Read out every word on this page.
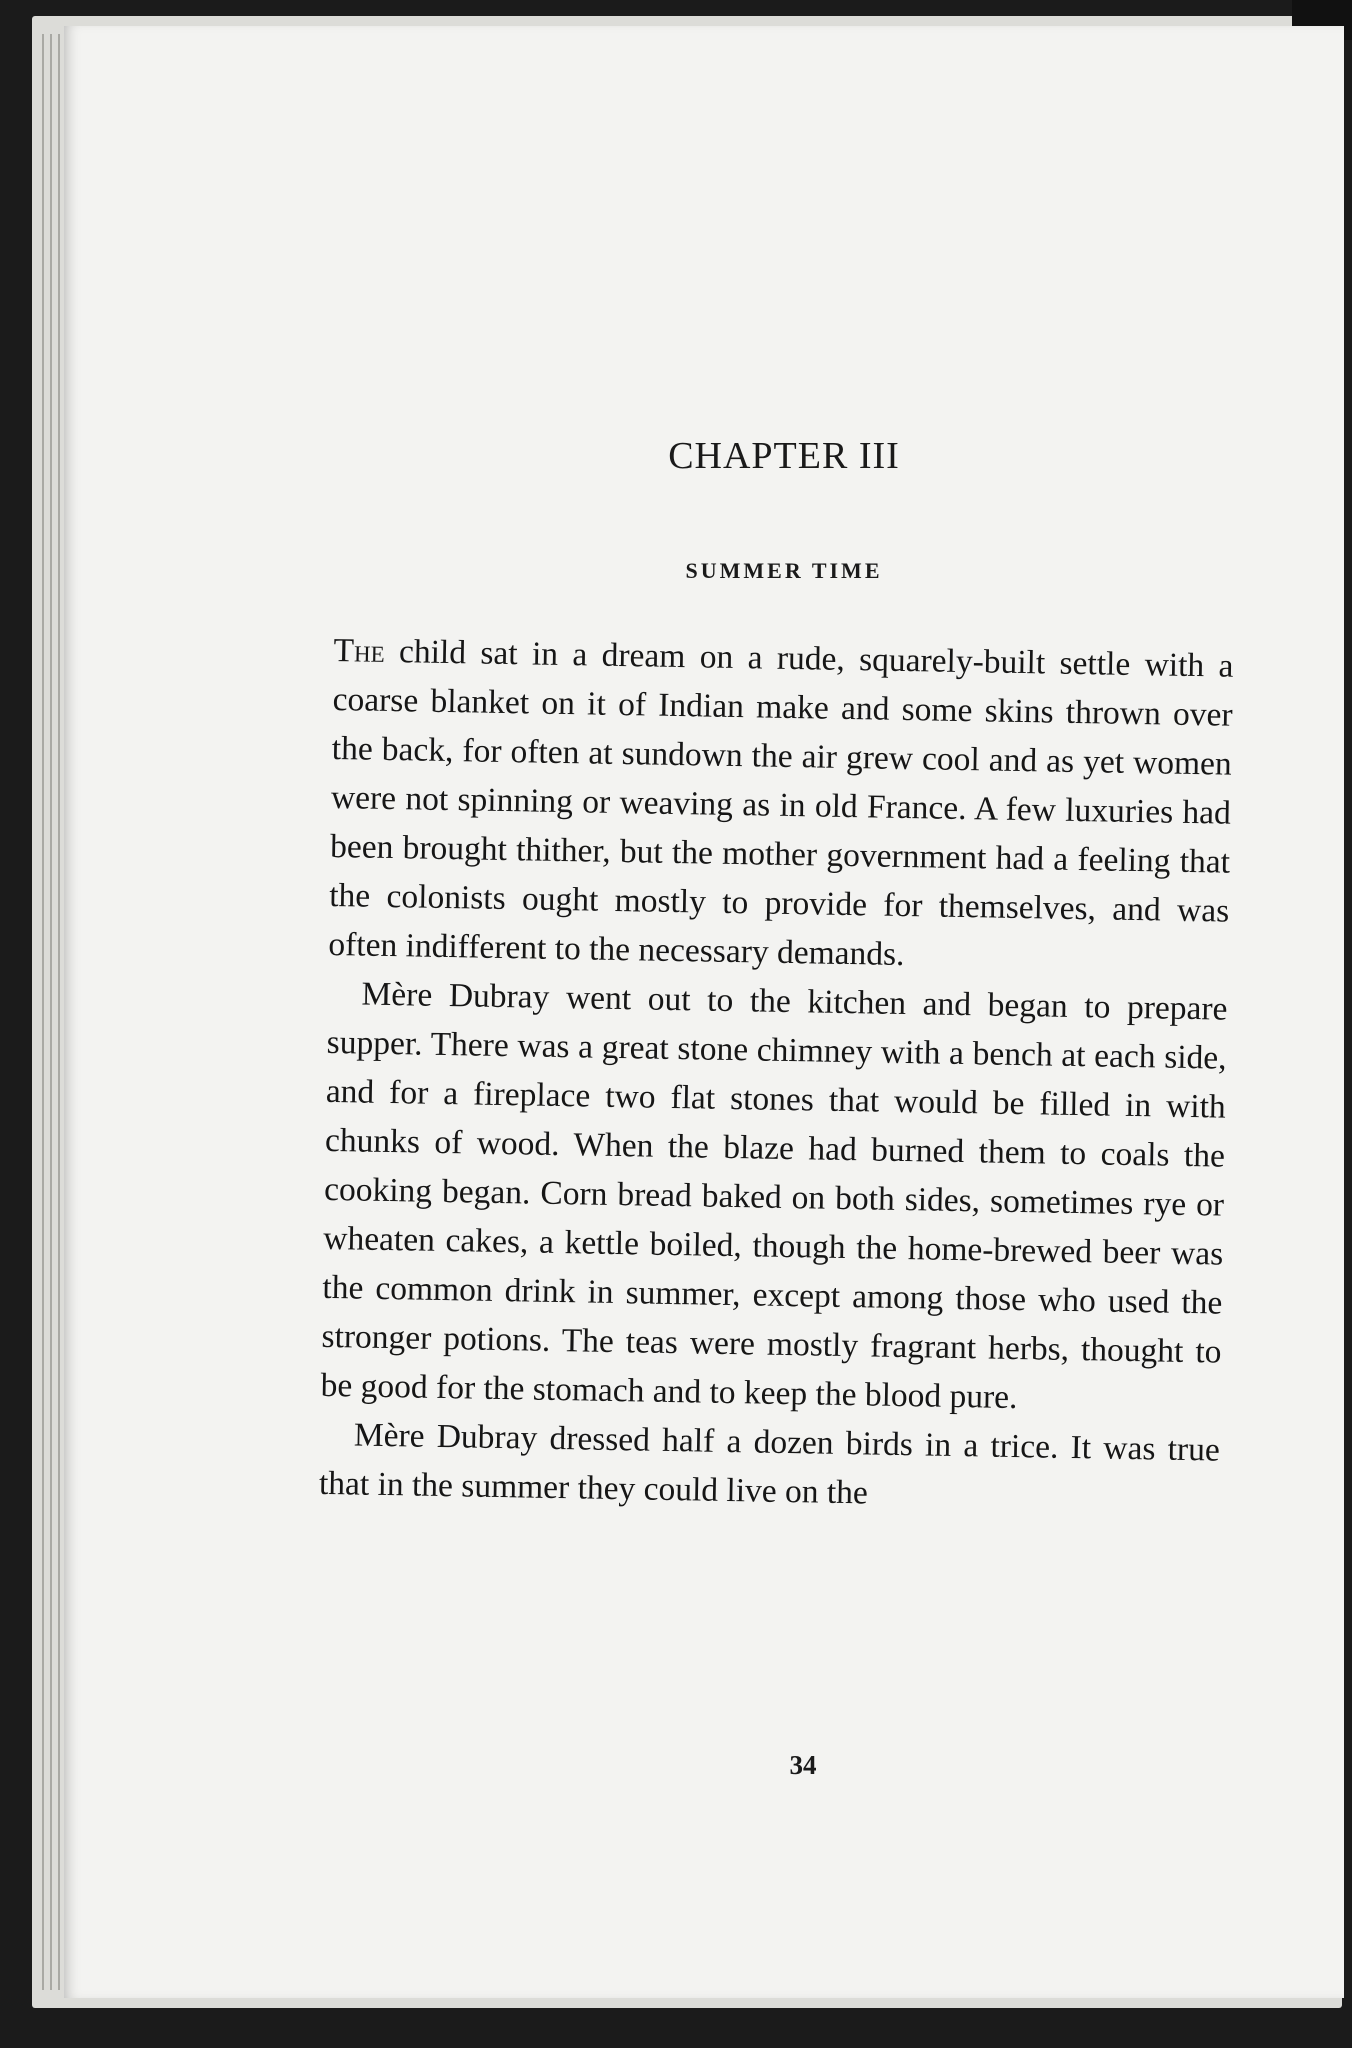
CHAPTER III
SUMMER TIME

The child sat in a dream on a rude, squarely-built settle with a coarse blanket on it of Indian make and some skins thrown over the back, for often at sundown the air grew cool and as yet women were not spinning or weaving as in old France. A few luxuries had been brought thither, but the mother government had a feeling that the colonists ought mostly to provide for themselves, and was often indifferent to the necessary demands.

Mère Dubray went out to the kitchen and began to prepare supper. There was a great stone chimney with a bench at each side, and for a fireplace two flat stones that would be filled in with chunks of wood. When the blaze had burned them to coals the cooking began. Corn bread baked on both sides, sometimes rye or wheaten cakes, a kettle boiled, though the home-brewed beer was the common drink in summer, except among those who used the stronger potions. The teas were mostly fragrant herbs, thought to be good for the stomach and to keep the blood pure.

Mère Dubray dressed half a dozen birds in a trice. It was true that in the summer they could live on the

34
